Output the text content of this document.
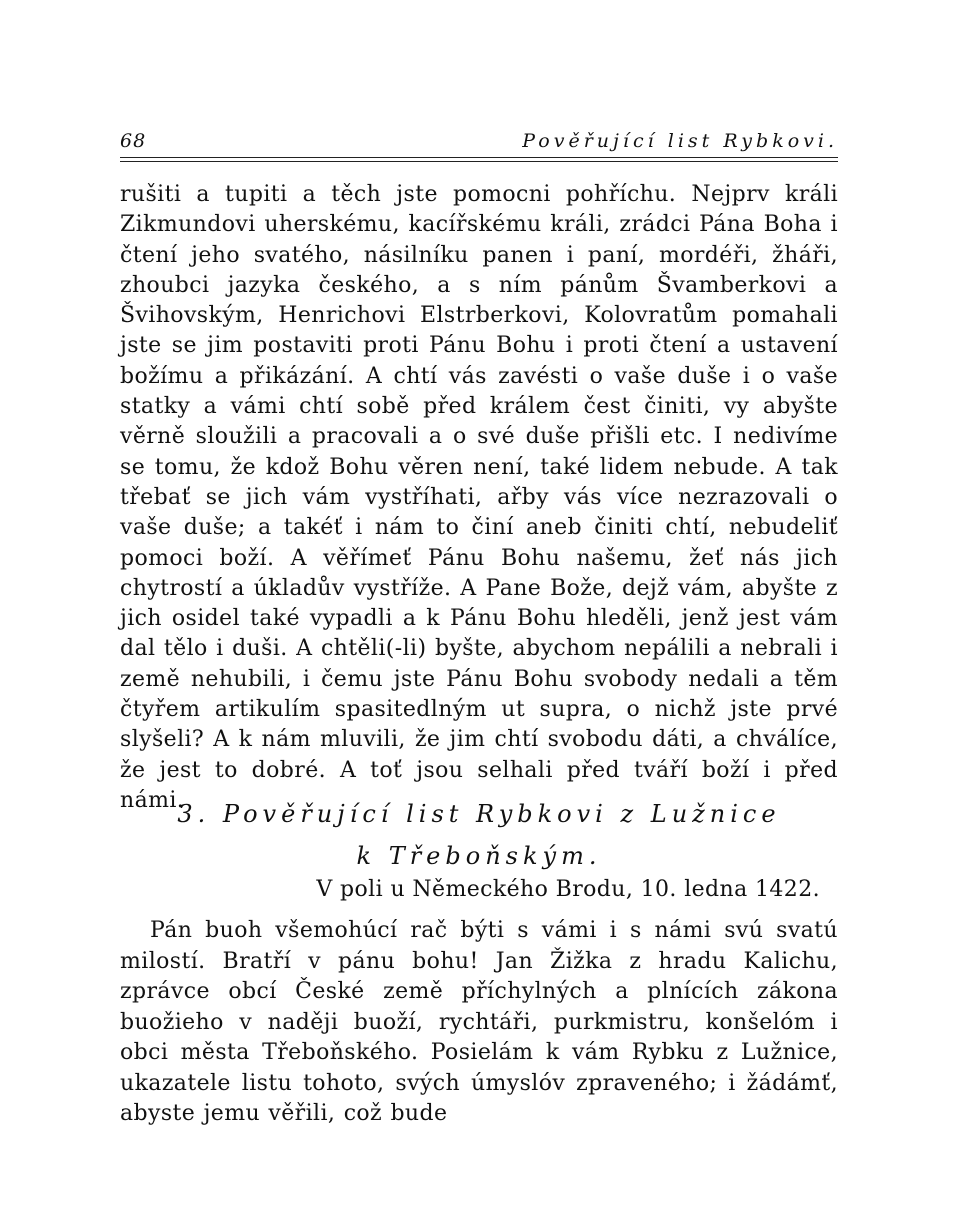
68	Pověřující list Rybkovi.

rušiti a tupiti a těch jste pomocni pohříchu. Nejprv králi Zikmundovi uherskému, kacířskému králi, zrádci Pána Boha i čtení jeho svatého, násilníku panen i paní, mordéři, žháři, zhoubci jazyka českého, a s ním pánům Švamberkovi a Švihovským, Henrichovi Elstrberkovi, Kolovratům pomahali jste se jim postaviti proti Pánu Bohu i proti čtení a ustavení božímu a přikázání. A chtí vás zavésti o vaše duše i o vaše statky a vámi chtí sobě před králem čest činiti, vy abyšte věrně sloužili a pracovali a o své duše přišli etc. I nedivíme se tomu, že kdož Bohu věren není, také lidem nebude. A tak třebať se jich vám vystříhati, ařby vás více nezrazovali o vaše duše; a takéť i nám to činí aneb činiti chtí, nebudeliť pomoci boží. A věřímeť Pánu Bohu našemu, žeť nás jich chytrostí a úkladův vystříže. A Pane Bože, dejž vám, abyšte z jich osidel také vypadli a k Pánu Bohu hleděli, jenž jest vám dal tělo i duši. A chtěli(-li) byšte, abychom nepálili a nebrali i země nehubili, i čemu jste Pánu Bohu svobody nedali a těm čtyřem artikulím spasitedlným ut supra, o nichž jste prvé slyšeli? A k nám mluvili, že jim chtí svobodu dáti, a chválíce, že jest to dobré. A toť jsou selhali před tváří boží i před námi.

3. Pověřující list Rybkovi z Lužnice
k Třeboňským.
V poli u Německého Brodu, 10. ledna 1422.

Pán buoh všemohúcí rač býti s vámi i s námi svú svatú milostí. Bratří v pánu bohu! Jan Žižka z hradu Kalichu, zprávce obcí České země příchylných a plnících zákona buožieho v naději buoží, rychtáři, purkmistru, konšelóm i obci města Třeboňského. Posielám k vám Rybku z Lužnice, ukazatele listu tohoto, svých úmyslóv zpraveného; i žádámť, abyste jemu věřili, což bude
